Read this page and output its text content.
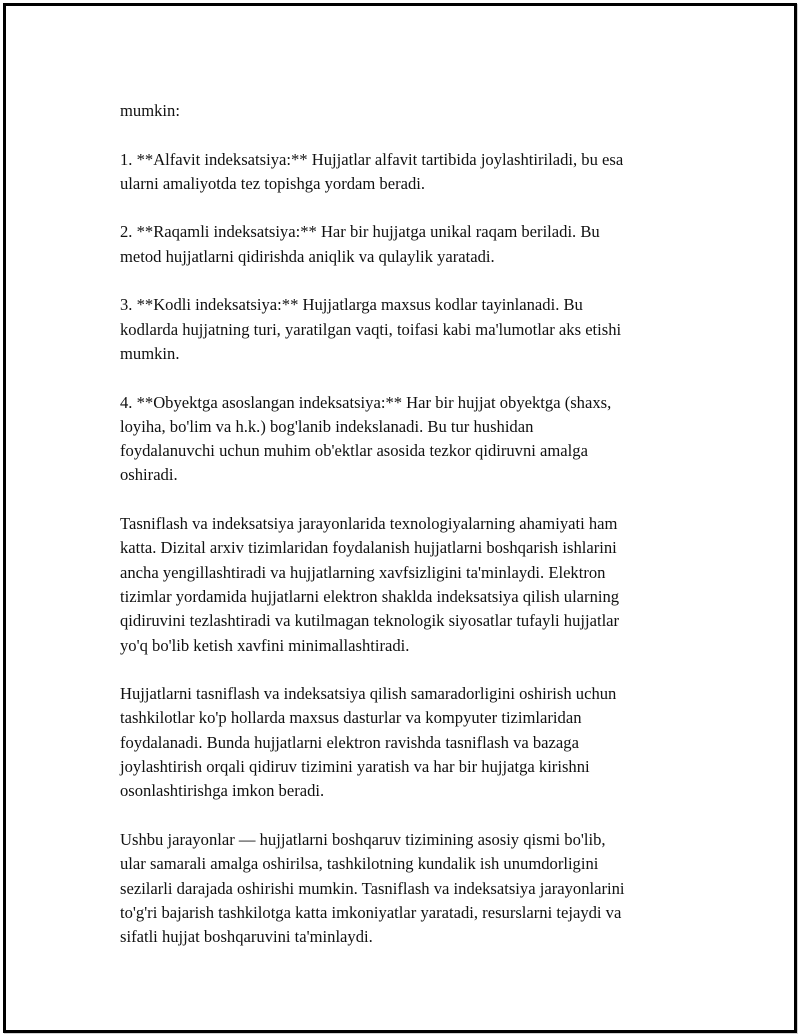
mumkin:

1. **Alfavit indeksatsiya:** Hujjatlar alfavit tartibida joylashtiriladi, bu esa
ularni amaliyotda tez topishga yordam beradi.

2. **Raqamli indeksatsiya:** Har bir hujjatga unikal raqam beriladi. Bu
metod hujjatlarni qidirishda aniqlik va qulaylik yaratadi.

3. **Kodli indeksatsiya:** Hujjatlarga maxsus kodlar tayinlanadi. Bu
kodlarda hujjatning turi, yaratilgan vaqti, toifasi kabi ma'lumotlar aks etishi
mumkin.

4. **Obyektga asoslangan indeksatsiya:** Har bir hujjat obyektga (shaxs,
loyiha, bo'lim va h.k.) bog'lanib indekslanadi. Bu tur hushidan
foydalanuvchi uchun muhim ob'ektlar asosida tezkor qidiruvni amalga
oshiradi.

Tasniflash va indeksatsiya jarayonlarida texnologiyalarning ahamiyati ham
katta. Dizital arxiv tizimlaridan foydalanish hujjatlarni boshqarish ishlarini
ancha yengillashtiradi va hujjatlarning xavfsizligini ta'minlaydi. Elektron
tizimlar yordamida hujjatlarni elektron shaklda indeksatsiya qilish ularning
qidiruvini tezlashtiradi va kutilmagan teknologik siyosatlar tufayli hujjatlar
yo'q bo'lib ketish xavfini minimallashtiradi.

Hujjatlarni tasniflash va indeksatsiya qilish samaradorligini oshirish uchun
tashkilotlar ko'p hollarda maxsus dasturlar va kompyuter tizimlaridan
foydalanadi. Bunda hujjatlarni elektron ravishda tasniflash va bazaga
joylashtirish orqali qidiruv tizimini yaratish va har bir hujjatga kirishni
osonlashtirishga imkon beradi.

Ushbu jarayonlar — hujjatlarni boshqaruv tizimining asosiy qismi bo'lib,
ular samarali amalga oshirilsa, tashkilotning kundalik ish unumdorligini
sezilarli darajada oshirishi mumkin. Tasniflash va indeksatsiya jarayonlarini
to'g'ri bajarish tashkilotga katta imkoniyatlar yaratadi, resurslarni tejaydi va
sifatli hujjat boshqaruvini ta'minlaydi.
